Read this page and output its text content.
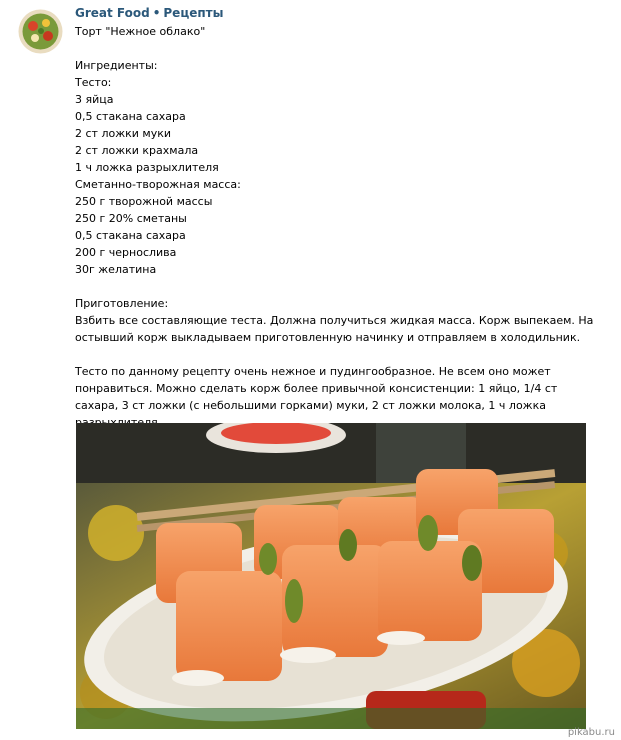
Great Food • Рецепты
Торт "Нежное облако"

Ингредиенты:
Тесто:
3 яйца
0,5 стакана сахара
2 ст ложки муки
2 ст ложки крахмала
1 ч ложка разрыхлителя
Сметанно-творожная масса:
250 г творожной массы
250 г 20% сметаны
0,5 стакана сахара
200 г чернослива
30г желатина

Приготовление:
Взбить все составляющие теста. Должна получиться жидкая масса. Корж выпекаем. На остывший корж выкладываем приготовленную начинку и отправляем в холодильник.

Тесто по данному рецепту очень нежное и пудингообразное. Не всем оно может понравиться. Можно сделать корж более привычной консистенции: 1 яйцо, 1/4 ст сахара, 3 ст ложки (с небольшими горками) муки, 2 ст ложки молока, 1 ч ложка
pikabu.ru
